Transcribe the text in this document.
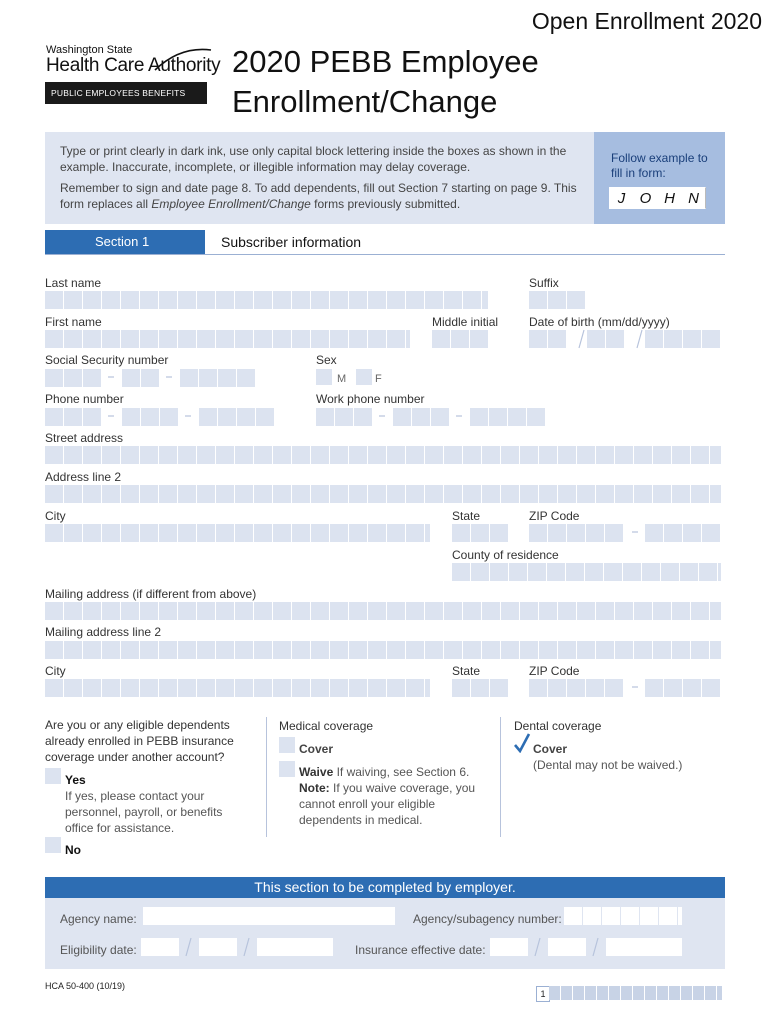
Open Enrollment 2020
Washington State
Health Care Authority
PUBLIC EMPLOYEES BENEFITS BOARD
2020 PEBB Employee
Enrollment/Change

Type or print clearly in dark ink, use only capital block lettering inside the boxes as shown in the example. Inaccurate, incomplete, or illegible information may delay coverage.

Remember to sign and date page 8. To add dependents, fill out Section 7 starting on page 9. This form replaces all Employee Enrollment/Change forms previously submitted.

Follow example to fill in form:
J O H N
Section 1	Subscriber information
Last name	Suffix
First name	Middle initial	Date of birth (mm/dd/yyyy)
Social Security number	Sex
M	F
Phone number	Work phone number
Street address
Address line 2
City	State	ZIP Code
County of residence
Mailing address (if different from above)
Mailing address line 2
City	State	ZIP Code
Are you or any eligible dependents already enrolled in PEBB insurance coverage under another account?
Yes
If yes, please contact your personnel, payroll, or benefits office for assistance.
No
Medical coverage
Cover
Waive If waiving, see Section 6.
Note: If you waive coverage, you cannot enroll your eligible dependents in medical.
Dental coverage
Cover
(Dental may not be waived.)
This section to be completed by employer.
Agency name:	Agency/subagency number:
Eligibility date:	Insurance effective date:
HCA 50-400 (10/19)
1
